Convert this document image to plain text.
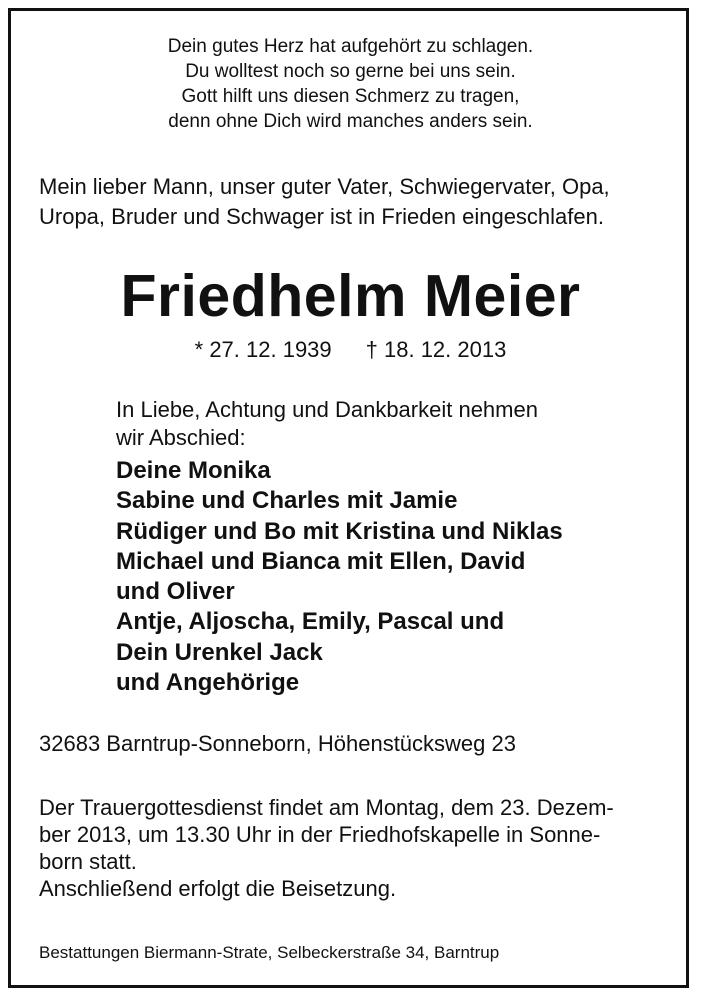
Dein gutes Herz hat aufgehört zu schlagen.
Du wolltest noch so gerne bei uns sein.
Gott hilft uns diesen Schmerz zu tragen,
denn ohne Dich wird manches anders sein.
Mein lieber Mann, unser guter Vater, Schwiegervater, Opa,
Uropa, Bruder und Schwager ist in Frieden eingeschlafen.
Friedhelm Meier
* 27. 12. 1939 † 18. 12. 2013
In Liebe, Achtung und Dankbarkeit nehmen
wir Abschied:
Deine Monika
Sabine und Charles mit Jamie
Rüdiger und Bo mit Kristina und Niklas
Michael und Bianca mit Ellen, David
und Oliver
Antje, Aljoscha, Emily, Pascal und
Dein Urenkel Jack
und Angehörige
32683 Barntrup-Sonneborn, Höhenstücksweg 23
Der Trauergottesdienst findet am Montag, dem 23. Dezem-
ber 2013, um 13.30 Uhr in der Friedhofskapelle in Sonne-
born statt.
Anschließend erfolgt die Beisetzung.
Bestattungen Biermann-Strate, Selbeckerstraße 34, Barntrup
